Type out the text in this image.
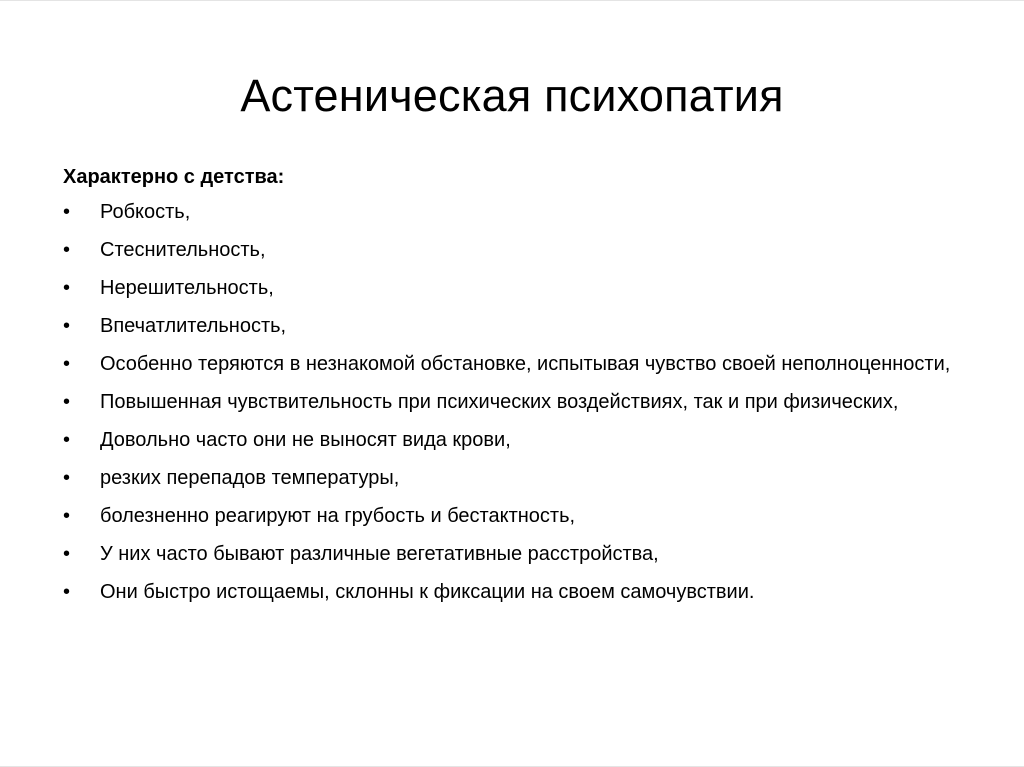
Астеническая психопатия
Характерно с детства:
•	Робкость,
•	Стеснительность,
•	Нерешительность,
•	Впечатлительность,
•	Особенно теряются в незнакомой обстановке, испытывая чувство своей неполноценности,
•	Повышенная чувствительность при психических воздействиях, так и при физических,
•	Довольно часто они не выносят вида крови,
•	резких перепадов температуры,
•	болезненно реагируют на грубость и бестактность,
•	У них часто бывают различные вегетативные расстройства,
•	Они быстро истощаемы, склонны к фиксации на своем самочувствии.
